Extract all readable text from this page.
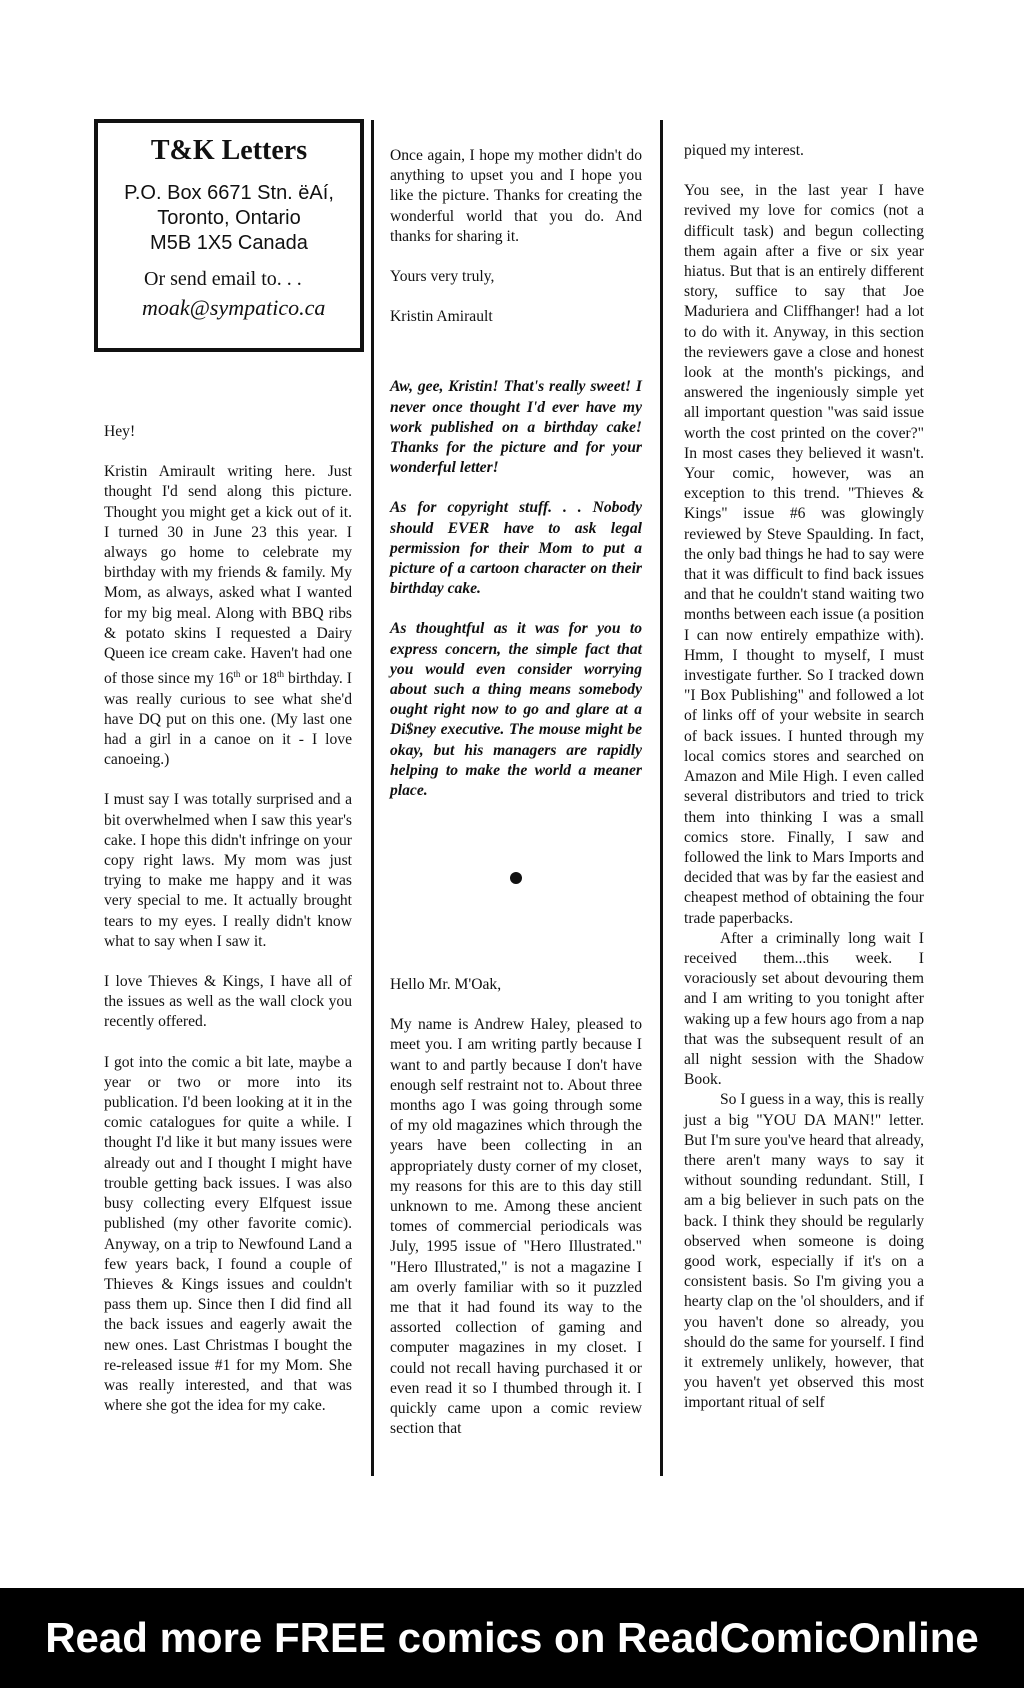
T&K Letters
P.O. Box 6671 Stn. ëAí,
Toronto, Ontario
M5B 1X5 Canada
Or send email to. . .
moak@sympatico.ca

Hey!

Kristin Amirault writing here. Just thought I'd send along this picture. Thought you might get a kick out of it. I turned 30 in June 23 this year. I always go home to celebrate my birthday with my friends & family. My Mom, as always, asked what I wanted for my big meal. Along with BBQ ribs & potato skins I requested a Dairy Queen ice cream cake. Haven't had one of those since my 16th or 18th birthday. I was really curious to see what she'd have DQ put on this one. (My last one had a girl in a canoe on it - I love canoeing.)

I must say I was totally surprised and a bit overwhelmed when I saw this year's cake. I hope this didn't infringe on your copy right laws. My mom was just trying to make me happy and it was very special to me. It actually brought tears to my eyes. I really didn't know what to say when I saw it.

I love Thieves & Kings, I have all of the issues as well as the wall clock you recently offered.

I got into the comic a bit late, maybe a year or two or more into its publication. I'd been looking at it in the comic catalogues for quite a while. I thought I'd like it but many issues were already out and I thought I might have trouble getting back issues. I was also busy collecting every Elfquest issue published (my other favorite comic). Anyway, on a trip to Newfound Land a few years back, I found a couple of Thieves & Kings issues and couldn't pass them up. Since then I did find all the back issues and eagerly await the new ones. Last Christmas I bought the re-released issue #1 for my Mom. She was really interested, and that was where she got the idea for my cake.

Once again, I hope my mother didn't do anything to upset you and I hope you like the picture. Thanks for creating the wonderful world that you do. And thanks for sharing it.

Yours very truly,

Kristin Amirault

Aw, gee, Kristin! That's really sweet! I never once thought I'd ever have my work published on a birthday cake! Thanks for the picture and for your wonderful letter!

As for copyright stuff. . . Nobody should EVER have to ask legal permission for their Mom to put a picture of a cartoon character on their birthday cake.

As thoughtful as it was for you to express concern, the simple fact that you would even consider worrying about such a thing means somebody ought right now to go and glare at a Di$ney executive. The mouse might be okay, but his managers are rapidly helping to make the world a meaner place.

Hello Mr. M'Oak,

My name is Andrew Haley, pleased to meet you. I am writing partly because I want to and partly because I don't have enough self restraint not to. About three months ago I was going through some of my old magazines which through the years have been collecting in an appropriately dusty corner of my closet, my reasons for this are to this day still unknown to me. Among these ancient tomes of commercial periodicals was July, 1995 issue of "Hero Illustrated." "Hero Illustrated," is not a magazine I am overly familiar with so it puzzled me that it had found its way to the assorted collection of gaming and computer magazines in my closet. I could not recall having purchased it or even read it so I thumbed through it. I quickly came upon a comic review section that

piqued my interest.

You see, in the last year I have revived my love for comics (not a difficult task) and begun collecting them again after a five or six year hiatus. But that is an entirely different story, suffice to say that Joe Maduriera and Cliffhanger! had a lot to do with it. Anyway, in this section the reviewers gave a close and honest look at the month's pickings, and answered the ingeniously simple yet all important question "was said issue worth the cost printed on the cover?" In most cases they believed it wasn't. Your comic, however, was an exception to this trend. "Thieves & Kings" issue #6 was glowingly reviewed by Steve Spaulding. In fact, the only bad things he had to say were that it was difficult to find back issues and that he couldn't stand waiting two months between each issue (a position I can now entirely empathize with). Hmm, I thought to myself, I must investigate further. So I tracked down "I Box Publishing" and followed a lot of links off of your website in search of back issues. I hunted through my local comics stores and searched on Amazon and Mile High. I even called several distributors and tried to trick them into thinking I was a small comics store. Finally, I saw and followed the link to Mars Imports and decided that was by far the easiest and cheapest method of obtaining the four trade paperbacks.

After a criminally long wait I received them...this week. I voraciously set about devouring them and I am writing to you tonight after waking up a few hours ago from a nap that was the subsequent result of an all night session with the Shadow Book.

So I guess in a way, this is really just a big "YOU DA MAN!" letter. But I'm sure you've heard that already, there aren't many ways to say it without sounding redundant. Still, I am a big believer in such pats on the back. I think they should be regularly observed when someone is doing good work, especially if it's on a consistent basis. So I'm giving you a hearty clap on the 'ol shoulders, and if you haven't done so already, you should do the same for yourself. I find it extremely unlikely, however, that you haven't yet observed this most important ritual of self

Read more FREE comics on ReadComicOnline
